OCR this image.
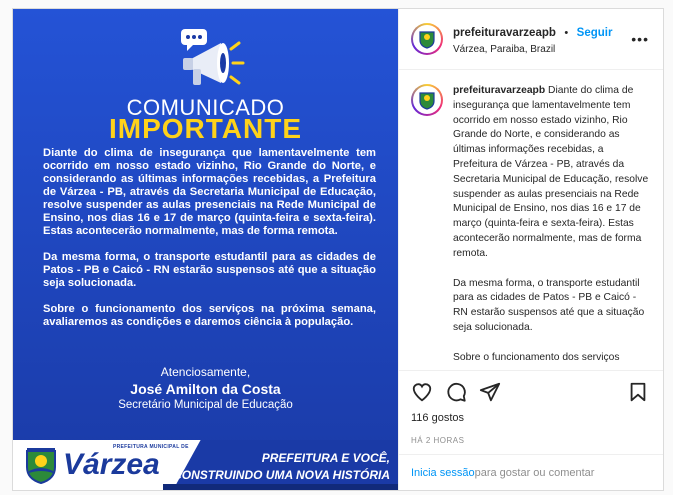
COMUNICADO
IMPORTANTE

Diante do clima de insegurança que lamentavelmente tem ocorrido em nosso estado vizinho, Rio Grande do Norte, e considerando as últimas informações recebidas, a Prefeitura de Várzea - PB, através da Secretaria Municipal de Educação, resolve suspender as aulas presenciais na Rede Municipal de Ensino, nos dias 16 e 17 de março (quinta-feira e sexta-feira). Estas acontecerão normalmente, mas de forma remota.

Da mesma forma, o transporte estudantil para as cidades de Patos - PB e Caicó - RN estarão suspensos até que a situação seja solucionada.

Sobre o funcionamento dos serviços na próxima semana, avaliaremos as condições e daremos ciência à população.

Atenciosamente,
José Amilton da Costa
Secretário Municipal de Educação
PREFEITURA MUNICIPAL DE
Várzea	PREFEITURA E VOCÊ,
CONSTRUINDO UMA NOVA HISTÓRIA
prefeituravarzeapb • Seguir
Várzea, Paraiba, Brazil
•••

prefeituravarzeapb Diante do clima de insegurança que lamentavelmente tem ocorrido em nosso estado vizinho, Rio Grande do Norte, e considerando as últimas informações recebidas, a Prefeitura de Várzea - PB, através da Secretaria Municipal de Educação, resolve suspender as aulas presenciais na Rede Municipal de Ensino, nos dias 16 e 17 de março (quinta-feira e sexta-feira). Estas acontecerão normalmente, mas de forma remota.

Da mesma forma, o transporte estudantil para as cidades de Patos - PB e Caicó - RN estarão suspensos até que a situação seja solucionada.

Sobre o funcionamento dos serviços

116 gostos
HÁ 2 HORAS
Inicia sessão para gostar ou comentar
